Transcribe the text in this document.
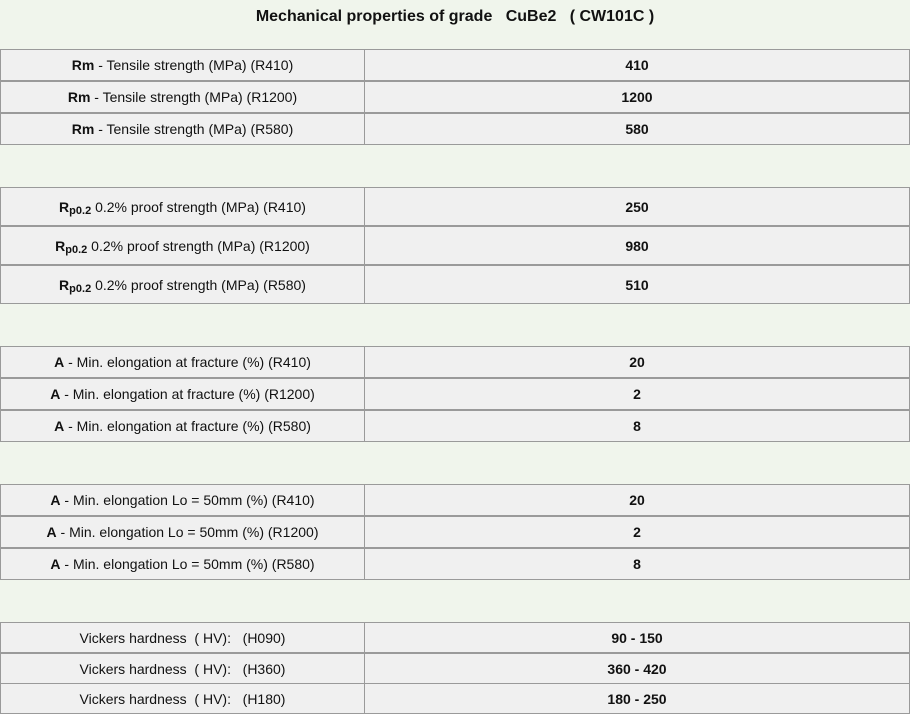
Mechanical properties of grade CuBe2 ( CW101C )
Rm - Tensile strength (MPa) (R410)	410
Rm - Tensile strength (MPa) (R1200)	1200
Rm - Tensile strength (MPa) (R580)	580
R p0.2 0.2% proof strength (MPa) (R410)	250
R p0.2 0.2% proof strength (MPa) (R1200)	980
R p0.2 0.2% proof strength (MPa) (R580)	510
A - Min. elongation at fracture (%) (R410)	20
A - Min. elongation at fracture (%) (R1200)	2
A - Min. elongation at fracture (%) (R580)	8
A - Min. elongation Lo = 50mm (%) (R410)	20
A - Min. elongation Lo = 50mm (%) (R1200)	2
A - Min. elongation Lo = 50mm (%) (R580)	8
Vickers hardness  ( HV):   (H090)	90 - 150
Vickers hardness  ( HV):   (H360)	360 - 420
Vickers hardness  ( HV):   (H180)	180 - 250
